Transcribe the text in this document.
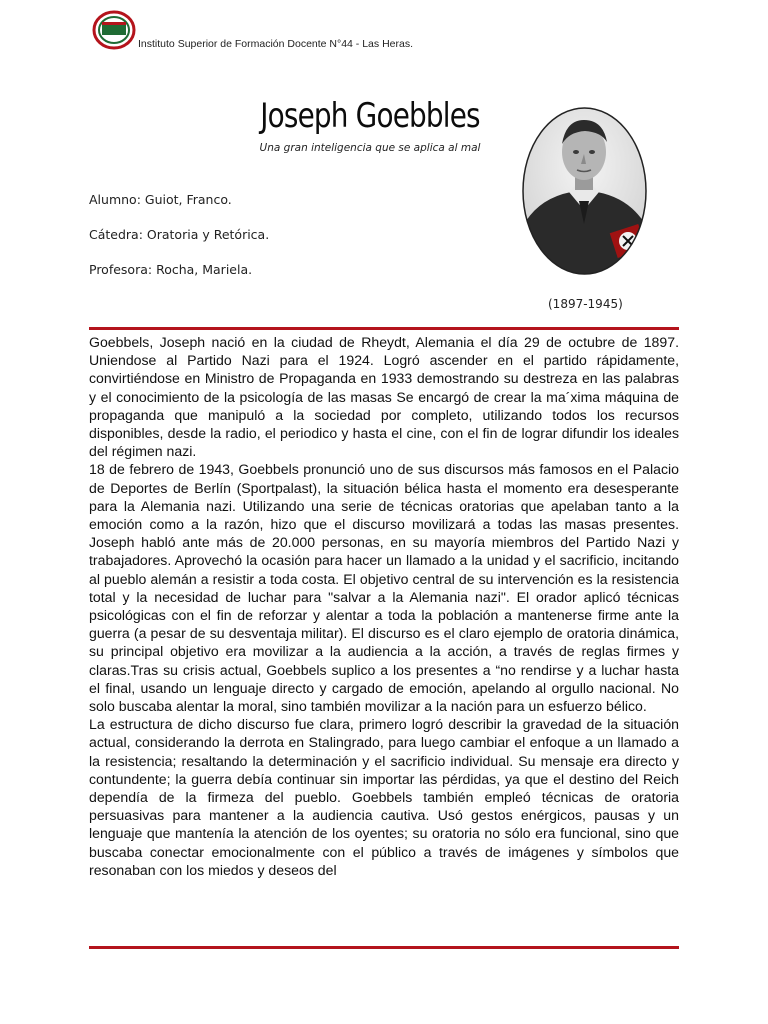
Instituto Superior de Formación Docente N°44 - Las Heras.
Joseph Goebbles
Una gran inteligencia que se aplica al mal
Alumno: Guiot, Franco.
Cátedra: Oratoria y Retórica.
Profesora: Rocha, Mariela.
(1897-1945)

Goebbels, Joseph nació en la ciudad de Rheydt, Alemania el día 29 de octubre de 1897. Uniendose al Partido Nazi para el 1924. Logró ascender en el partido rápidamente, convirtiéndose en Ministro de Propaganda en 1933 demostrando su destreza en las palabras y el conocimiento de la psicología de las masas Se encargó de crear la ma´xima máquina de propaganda que manipuló a la sociedad por completo, utilizando todos los recursos disponibles, desde la radio, el periodico y hasta el cine, con el fin de lograr difundir los ideales del régimen nazi.

18 de febrero de 1943, Goebbels pronunció uno de sus discursos más famosos en el Palacio de Deportes de Berlín (Sportpalast), la situación bélica hasta el momento era desesperante para la Alemania nazi. Utilizando una serie de técnicas oratorias que apelaban tanto a la emoción como a la razón, hizo que el discurso movilizará a todas las masas presentes. Joseph habló ante más de 20.000 personas, en su mayoría miembros del Partido Nazi y trabajadores. Aprovechó la ocasión para hacer un llamado a la unidad y el sacrificio, incitando al pueblo alemán a resistir a toda costa. El objetivo central de su intervención es la resistencia total y la necesidad de luchar para "salvar a la Alemania nazi". El orador aplicó técnicas psicológicas con el fin de reforzar y alentar a toda la población a mantenerse firme ante la guerra (a pesar de su desventaja militar). El discurso es el claro ejemplo de oratoria dinámica, su principal objetivo era movilizar a la audiencia a la acción, a través de reglas firmes y claras.Tras su crisis actual, Goebbels suplico a los presentes a “no rendirse y a luchar hasta el final, usando un lenguaje directo y cargado de emoción, apelando al orgullo nacional. No solo buscaba alentar la moral, sino también movilizar a la nación para un esfuerzo bélico.

La estructura de dicho discurso fue clara, primero logró describir la gravedad de la situación actual, considerando la derrota en Stalingrado, para luego cambiar el enfoque a un llamado a la resistencia; resaltando la determinación y el sacrificio individual. Su mensaje era directo y contundente; la guerra debía continuar sin importar las pérdidas, ya que el destino del Reich dependía de la firmeza del pueblo. Goebbels también empleó técnicas de oratoria persuasivas para mantener a la audiencia cautiva. Usó gestos enérgicos, pausas y un lenguaje que mantenía la atención de los oyentes; su oratoria no sólo era funcional, sino que buscaba conectar emocionalmente con el público a través de imágenes y símbolos que resonaban con los miedos y deseos del
